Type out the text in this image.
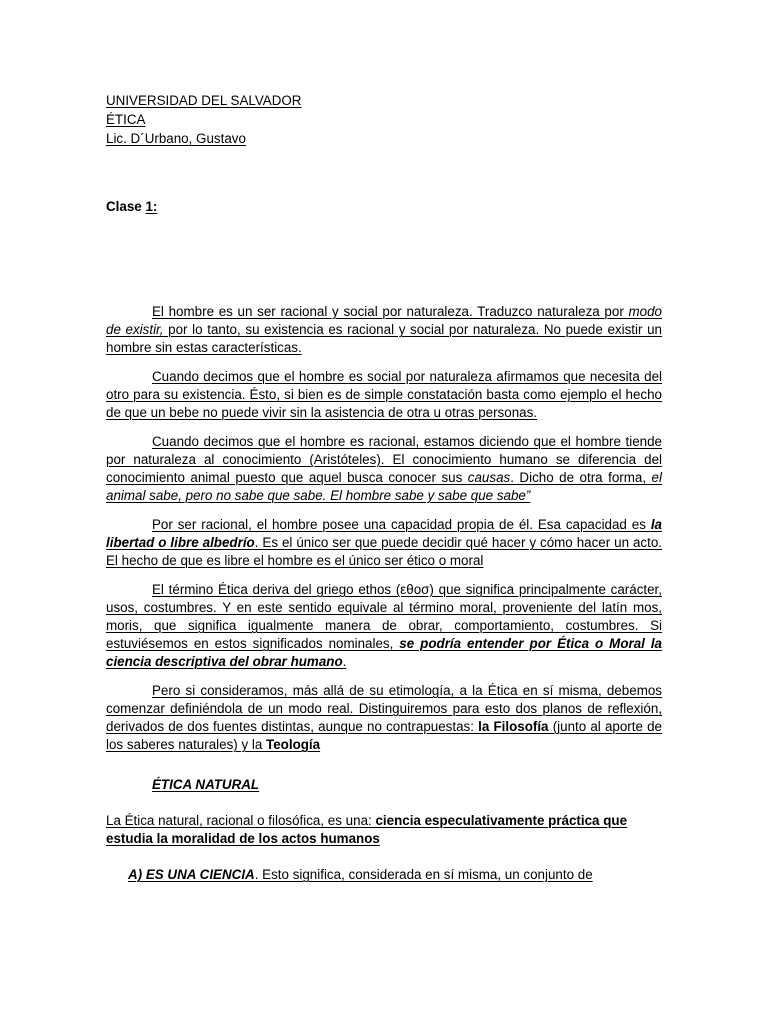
UNIVERSIDAD DEL SALVADOR
ÉTICA
Lic. D´Urbano, Gustavo
Clase 1:

El hombre es un ser racional y social por naturaleza. Traduzco naturaleza por modo de existir, por lo tanto, su existencia es racional y social por naturaleza. No puede existir un hombre sin estas características.

Cuando decimos que el hombre es social por naturaleza afirmamos que necesita del otro para su existencia. Ésto, si bien es de simple constatación basta como ejemplo el hecho de que un bebe no puede vivir sin la asistencia de otra u otras personas.

Cuando decimos que el hombre es racional, estamos diciendo que el hombre tiende por naturaleza al conocimiento (Aristóteles). El conocimiento humano se diferencia del conocimiento animal puesto que aquel busca conocer sus causas. Dicho de otra forma, el animal sabe, pero no sabe que sabe. El hombre sabe y sabe que sabe”

Por ser racional, el hombre posee una capacidad propia de él. Esa capacidad es la libertad o libre albedrío. Es el único ser que puede decidir qué hacer y cómo hacer un acto. El hecho de que es libre el hombre es el único ser ético o moral

El término Ética deriva del griego ethos (εθοσ) que significa principalmente carácter, usos, costumbres. Y en este sentido equivale al término moral, proveniente del latín mos, moris, que significa igualmente manera de obrar, comportamiento, costumbres. Si estuviésemos en estos significados nominales, se podría entender por Ética o Moral la ciencia descriptiva del obrar humano.

Pero si consideramos, más allá de su etimología, a la Ética en sí misma, debemos comenzar definiéndola de un modo real. Distinguiremos para esto dos planos de reflexión, derivados de dos fuentes distintas, aunque no contrapuestas: la Filosofía (junto al aporte de los saberes naturales) y la Teología

ÉTICA NATURAL

La Ética natural, racional o filosófica, es una: ciencia especulativamente práctica que estudia la moralidad de los actos humanos

A) ES UNA CIENCIA. Esto significa, considerada en sí misma, un conjunto de
